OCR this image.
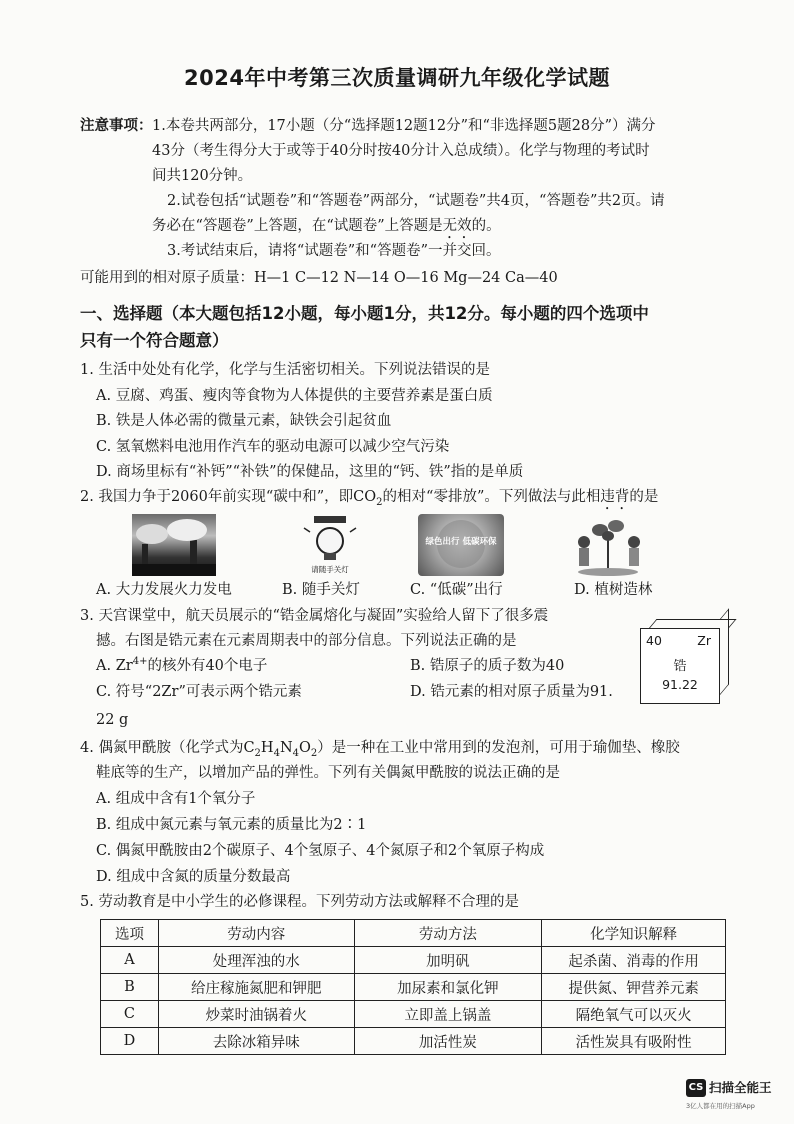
2024年中考第三次质量调研九年级化学试题
注意事项： 1.本卷共两部分，17小题（分“选择题12题12分”和“非选择题5题28分”）满分
43分（考生得分大于或等于40分时按40分计入总成绩）。化学与物理的考试时
间共120分钟。
2.试卷包括“试题卷”和“答题卷”两部分，“试题卷”共4页，“答题卷”共2页。请
务必在“答题卷”上答题，在“试题卷”上答题是无效的。
3.考试结束后，请将“试题卷”和“答题卷”一并交回。
可能用到的相对原子质量：H—1 C—12 N—14 O—16 Mg—24 Ca—40
一、选择题（本大题包括12小题，每小题1分，共12分。每小题的四个选项中
只有一个符合题意）
1. 生活中处处有化学，化学与生活密切相关。下列说法错误的是
A. 豆腐、鸡蛋、瘦肉等食物为人体提供的主要营养素是蛋白质
B. 铁是人体必需的微量元素，缺铁会引起贫血
C. 氢氧燃料电池用作汽车的驱动电源可以减少空气污染
D. 商场里标有“补钙”“补铁”的保健品，这里的“钙、铁”指的是单质
2. 我国力争于2060年前实现“碳中和”，即$CO_2$的相对“零排放”。下列做法与此相违背的是
请随手关灯
绿色出行 低碳环保
A. 大力发展火力发电	B. 随手关灯	C. “低碳”出行	D. 植树造林
3. 天宫课堂中，航天员展示的“锆金属熔化与凝固”实验给人留下了很多震
撼。右图是锆元素在元素周期表中的部分信息。下列说法正确的是
A. $Zr^{4+}$的核外有40个电子	B. 锆原子的质子数为40
C. 符号“2Zr”可表示两个锆元素	D. 锆元素的相对原子质量为91.
22 g
40	Zr
锆
91.22
4. 偶氮甲酰胺（化学式为$C_2H_4N_4O_2$）是一种在工业中常用到的发泡剂，可用于瑜伽垫、橡胶
鞋底等的生产，以增加产品的弹性。下列有关偶氮甲酰胺的说法正确的是
A. 组成中含有1个氧分子
B. 组成中氮元素与氧元素的质量比为2∶1
C. 偶氮甲酰胺由2个碳原子、4个氢原子、4个氮原子和2个氧原子构成
D. 组成中含氮的质量分数最高
5. 劳动教育是中小学生的必修课程。下列劳动方法或解释不合理的是
选项	劳动内容	劳动方法	化学知识解释
A	处理浑浊的水	加明矾	起杀菌、消毒的作用
B	给庄稼施氮肥和钾肥	加尿素和氯化钾	提供氮、钾营养元素
C	炒菜时油锅着火	立即盖上锅盖	隔绝氧气可以灭火
D	去除冰箱异味	加活性炭	活性炭具有吸附性
CS 扫描全能王
3亿人都在用的扫描App
